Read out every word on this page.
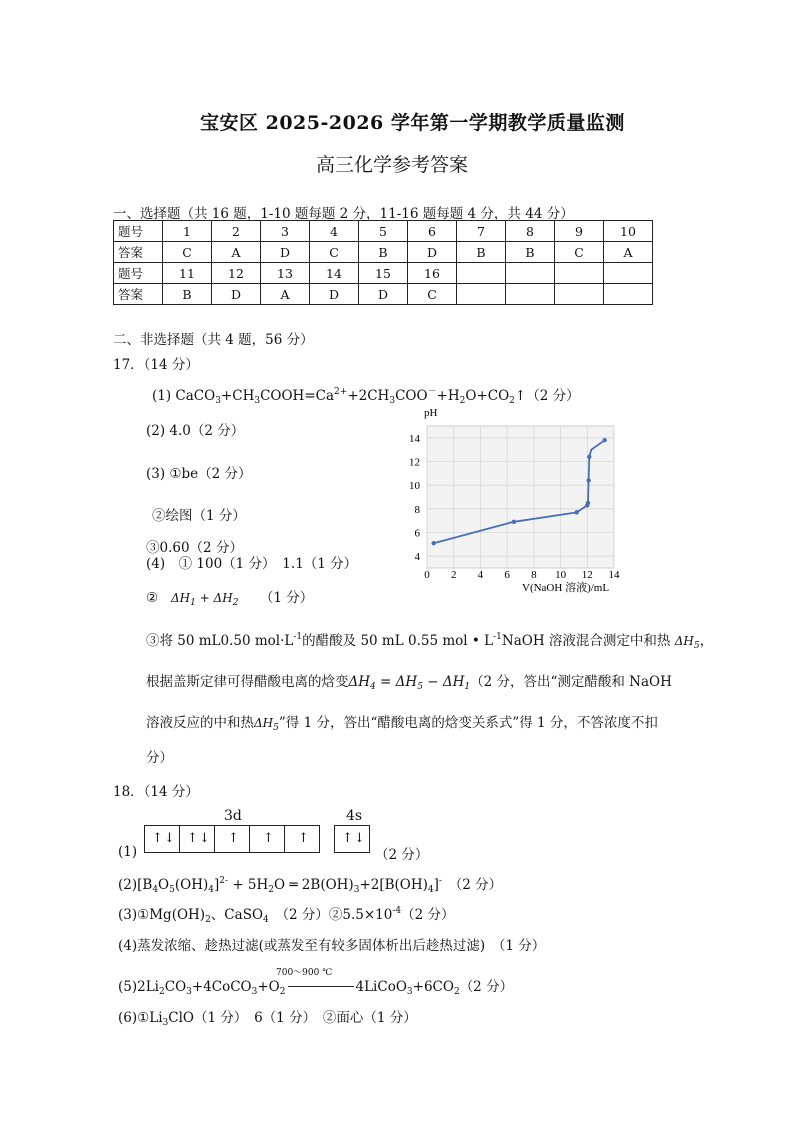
宝安区 2025-2026 学年第一学期教学质量监测
高三化学参考答案
一、选择题（共 16 题，1-10 题每题 2 分，11-16 题每题 4 分，共 44 分）
题号	1	2	3	4	5	6	7	8	9	10
答案	C	A	D	C	B	D	B	B	C	A
题号	11	12	13	14	15	16				
答案	B	D	A	D	D	C				
二、非选择题（共 4 题，56 分）
17．（14 分）
(1) $CaCO_3+CH_3COOH=Ca^{2+}+2CH_3COO^-+H_2O+CO_2↑(2$ 分）
(2) 4.0（2 分）
(3) ①be（2 分）
②绘图（1 分）
③0.60（2 分）
(4)　① 100（1 分）　1.1（1 分）
② $\Delta H_1 + \Delta H_2$ （1 分）
③将 50 mL0.50 $mol\cdot L^{-1}$的醋酸及 50 mL 0.55 mol • $L^{-1}NaOH$ 溶液混合测定中和热 $\Delta H_5$，
根据盖斯定律可得醋酸电离的焓变$\Delta H_4 = \Delta H_5 - \Delta H_1(2$ 分，答出“测定醋酸和 NaOH
溶液反应的中和热$\Delta H_5$”得 1 分，答出“醋酸电离的焓变关系式”得 1 分，不答浓度不扣
分）
0 2 4 6 8 10 12 14
4
6
8
10
12
14
pH
V(NaOH 溶液)/mL
18．（14 分）
3d	4s
(1)
↑ ↓ ↑ ↓ ↑ ↑ ↑	↑ ↓
（2 分）
$(2)[B_4O_5(OH)_4]^{2-} + 5H_2O$ ═ $2B(OH)_3+2[B(OH)_4]^-$　（2 分）
$(3)①Mg(OH)_2$、CaSO$_4$　（2 分）$②5.5\times 10^{-4}(2$ 分）
(4)蒸发浓缩、趁热过滤(或蒸发至有较多固体析出后趁热过滤)　（1 分）
700～900 ℃
$(5)2Li_2CO_3+4CoCO_3+O_2$	$4LiCoO_3+6CO_2(2$ 分）
$(6)①Li_3ClO(1$ 分）　6（1 分）　②面心（1 分）
